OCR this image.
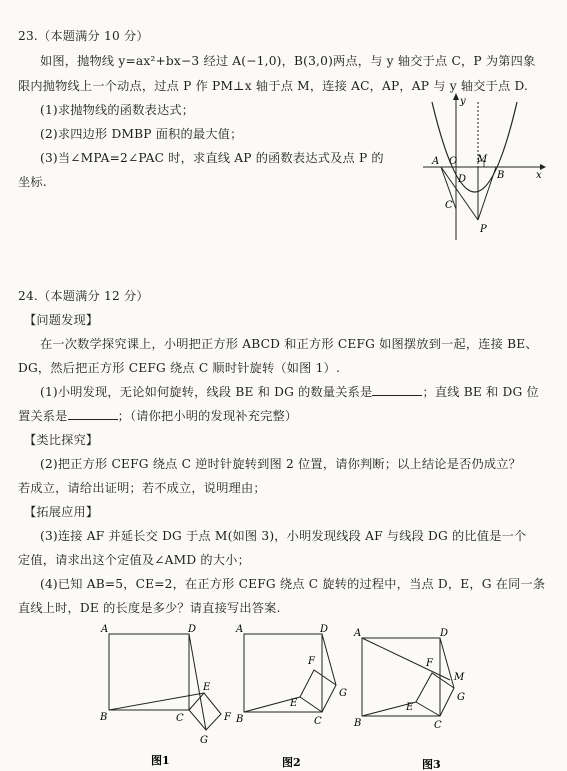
23.（本题满分 10 分）
如图，抛物线 y=ax²+bx−3 经过 A(−1,0)，B(3,0)两点，与 y 轴交于点 C，P 为第四象
限内抛物线上一个动点，过点 P 作 PM⊥x 轴于点 M，连接 AC，AP，AP 与 y 轴交于点 D.
(1)求抛物线的函数表达式；
(2)求四边形 DMBP 面积的最大值；
(3)当∠MPA=2∠PAC 时，求直线 AP 的函数表达式及点 P 的
坐标.
A O M
D	B
C
P
y
x
24.（本题满分 12 分）
【问题发现】
在一次数学探究课上，小明把正方形 ABCD 和正方形 CEFG 如图摆放到一起，连接 BE、
DG，然后把正方形 CEFG 绕点 C 顺时针旋转（如图 1）.
(1)小明发现，无论如何旋转，线段 BE 和 DG 的数量关系是	；直线 BE 和 DG 位
置关系是	；（请你把小明的发现补充完整）
【类比探究】
(2)把正方形 CEFG 绕点 C 逆时针旋转到图 2 位置，请你判断；以上结论是否仍成立？
若成立，请给出证明；若不成立，说明理由；
【拓展应用】
(3)连接 AF 并延长交 DG 于点 M(如图 3)，小明发现线段 AF 与线段 DG 的比值是一个
定值，请求出这个定值及∠AMD 的大小；
(4)已知 AB=5，CE=2，在正方形 CEFG 绕点 C 旋转的过程中，当点 D，E，G 在同一条
直线上时，DE 的长度是多少？请直接写出答案.
A	D
B	C
E
F
G
图1
A	D
B	C
E
F
G
图2
A	D
B	C
E
F
G
M
图3
